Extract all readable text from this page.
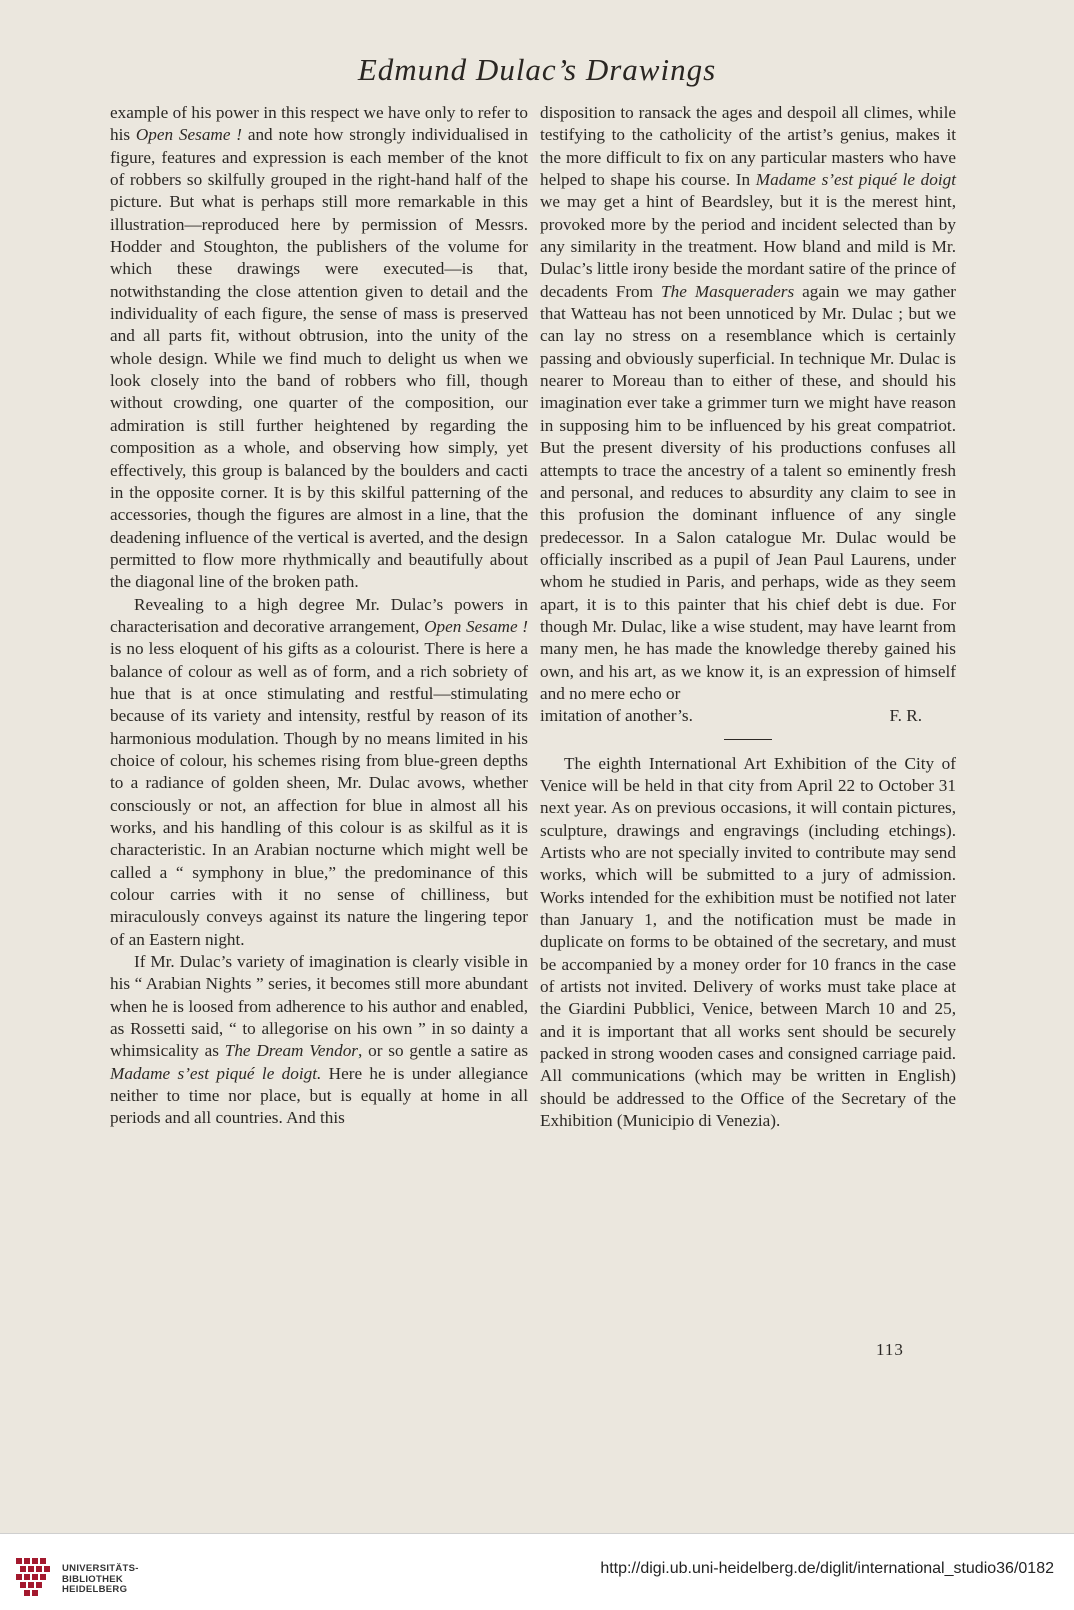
Edmund Dulac’s Drawings

example of his power in this respect we have only to refer to his Open Sesame ! and note how strongly individualised in figure, features and expression is each member of the knot of robbers so skilfully grouped in the right-hand half of the picture. But what is perhaps still more remarkable in this illustration—reproduced here by permission of Messrs. Hodder and Stoughton, the publishers of the volume for which these drawings were executed—is that, notwithstanding the close attention given to detail and the individuality of each figure, the sense of mass is preserved and all parts fit, without obtrusion, into the unity of the whole design. While we find much to delight us when we look closely into the band of robbers who fill, though without crowding, one quarter of the composition, our admiration is still further heightened by regarding the composition as a whole, and observing how simply, yet effectively, this group is balanced by the boulders and cacti in the opposite corner. It is by this skilful patterning of the accessories, though the figures are almost in a line, that the deadening influence of the vertical is averted, and the design permitted to flow more rhythmically and beautifully about the diagonal line of the broken path.

Revealing to a high degree Mr. Dulac’s powers in characterisation and decorative arrangement, Open Sesame ! is no less eloquent of his gifts as a colourist. There is here a balance of colour as well as of form, and a rich sobriety of hue that is at once stimulating and restful—stimulating because of its variety and intensity, restful by reason of its harmonious modulation. Though by no means limited in his choice of colour, his schemes rising from blue-green depths to a radiance of golden sheen, Mr. Dulac avows, whether consciously or not, an affection for blue in almost all his works, and his handling of this colour is as skilful as it is characteristic. In an Arabian nocturne which might well be called a “ symphony in blue,” the predominance of this colour carries with it no sense of chilliness, but miraculously conveys against its nature the lingering tepor of an Eastern night.

If Mr. Dulac’s variety of imagination is clearly visible in his “ Arabian Nights ” series, it becomes still more abundant when he is loosed from adherence to his author and enabled, as Rossetti said, “ to allegorise on his own ” in so dainty a whimsicality as The Dream Vendor, or so gentle a satire as Madame s’est piqué le doigt. Here he is under allegiance neither to time nor place, but is equally at home in all periods and all countries. And this

disposition to ransack the ages and despoil all climes, while testifying to the catholicity of the artist’s genius, makes it the more difficult to fix on any particular masters who have helped to shape his course. In Madame s’est piqué le doigt we may get a hint of Beardsley, but it is the merest hint, provoked more by the period and incident selected than by any similarity in the treatment. How bland and mild is Mr. Dulac’s little irony beside the mordant satire of the prince of decadents From The Masqueraders again we may gather that Watteau has not been unnoticed by Mr. Dulac ; but we can lay no stress on a resemblance which is certainly passing and obviously superficial. In technique Mr. Dulac is nearer to Moreau than to either of these, and should his imagination ever take a grimmer turn we might have reason in supposing him to be influenced by his great compatriot. But the present diversity of his productions confuses all attempts to trace the ancestry of a talent so eminently fresh and personal, and reduces to absurdity any claim to see in this profusion the dominant influence of any single predecessor. In a Salon catalogue Mr. Dulac would be officially inscribed as a pupil of Jean Paul Laurens, under whom he studied in Paris, and perhaps, wide as they seem apart, it is to this painter that his chief debt is due. For though Mr. Dulac, like a wise student, may have learnt from many men, he has made the knowledge thereby gained his own, and his art, as we know it, is an expression of himself and no mere echo or

imitation of another’s.	F. R.

The eighth International Art Exhibition of the City of Venice will be held in that city from April 22 to October 31 next year. As on previous occasions, it will contain pictures, sculpture, drawings and engravings (including etchings). Artists who are not specially invited to contribute may send works, which will be submitted to a jury of admission. Works intended for the exhibition must be notified not later than January 1, and the notification must be made in duplicate on forms to be obtained of the secretary, and must be accompanied by a money order for 10 francs in the case of artists not invited. Delivery of works must take place at the Giardini Pubblici, Venice, between March 10 and 25, and it is important that all works sent should be securely packed in strong wooden cases and consigned carriage paid. All communications (which may be written in English) should be addressed to the Office of the Secretary of the Exhibition (Municipio di Venezia).

113
UNIVERSITÄTS-
BIBLIOTHEK
HEIDELBERG
http://digi.ub.uni-heidelberg.de/diglit/international_studio36/0182
